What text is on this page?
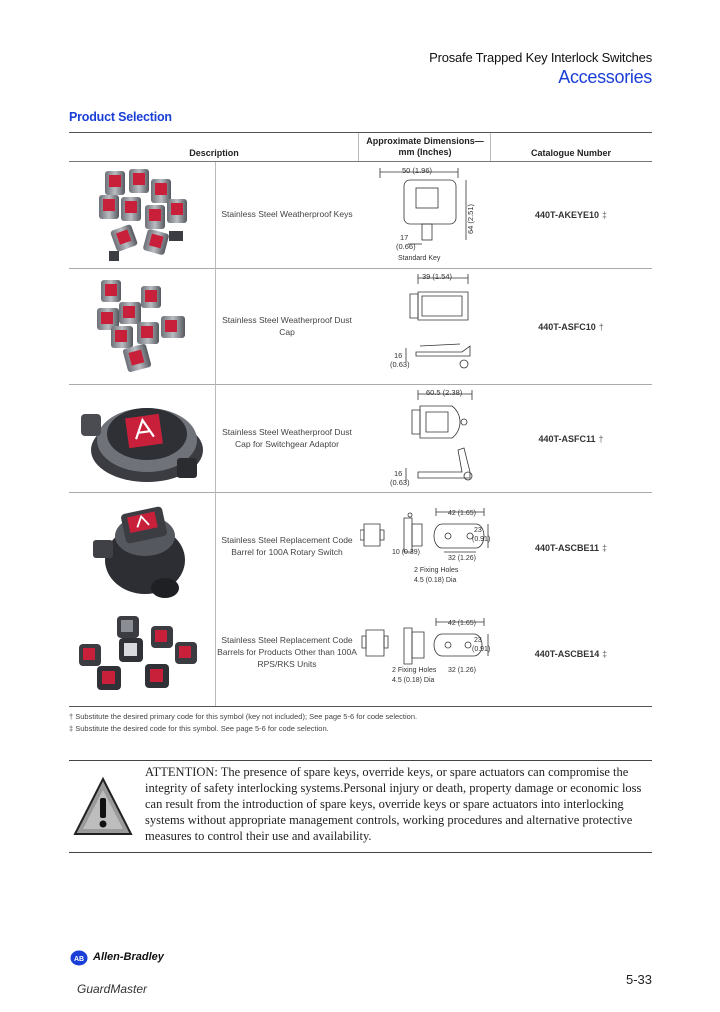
Prosafe Trapped Key Interlock Switches
Accessories
Product Selection
Description
Approximate Dimensions— mm (Inches)	Catalogue Number
Stainless Steel Weatherproof Keys
50 (1.96)
64 (2.51)
17
(0.66)
Standard Key
440T-AKEYE10 ‡
Stainless Steel Weatherproof Dust Cap
39 (1.54)
16
(0.63)
440T-ASFC10 †
Stainless Steel Weatherproof Dust Cap for Switchgear Adaptor
60.5 (2.38)
16
(0.63)
440T-ASFC11 †
Stainless Steel Replacement Code Barrel for 100A Rotary Switch
42 (1.65)
23
(0.91)
10 (0.39)
32 (1.26)
2 Fixing Holes
4.5 (0.18) Dia
440T-ASCBE11 ‡
Stainless Steel Replacement Code Barrels for Products Other than 100A RPS/RKS Units
42 (1.65)
23
(0.91)
32 (1.26)
2 Fixing Holes
4.5 (0.18) Dia
440T-ASCBE14 ‡
† Substitute the desired primary code for this symbol (key not included); See page 5-6 for code selection.
‡ Substitute the desired code for this symbol. See page 5-6 for code selection.
ATTENTION: The presence of spare keys, override keys, or spare actuators can compromise the integrity of safety interlocking systems.Personal injury or death, property damage or economic loss can result from the introduction of spare keys, override keys or spare actuators into interlocking systems without appropriate management controls, working procedures and alternative protective measures to control their use and availability.
AB Allen-Bradley
GuardMaster
5-33
